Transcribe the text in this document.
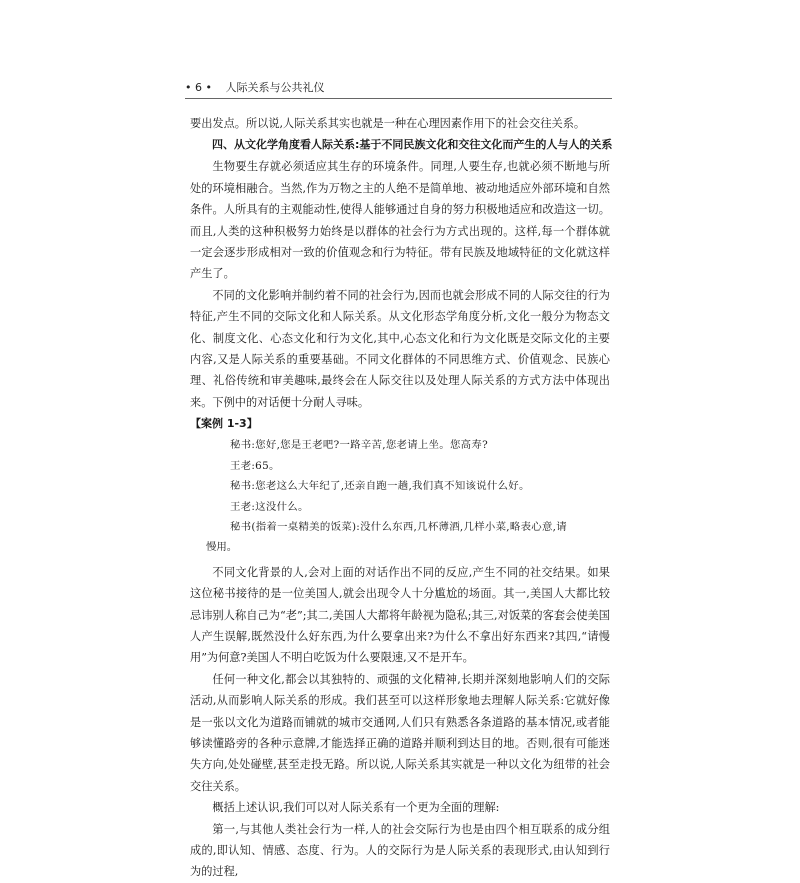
• 6 • 人际关系与公共礼仪

要出发点。所以说,人际关系其实也就是一种在心理因素作用下的社会交往关系。

四、从文化学角度看人际关系:基于不同民族文化和交往文化而产生的人与人的关系

生物要生存就必须适应其生存的环境条件。同理,人要生存,也就必须不断地与所处的环境相融合。当然,作为万物之主的人绝不是简单地、被动地适应外部环境和自然条件。人所具有的主观能动性,使得人能够通过自身的努力积极地适应和改造这一切。而且,人类的这种积极努力始终是以群体的社会行为方式出现的。这样,每一个群体就一定会逐步形成相对一致的价值观念和行为特征。带有民族及地域特征的文化就这样产生了。

不同的文化影响并制约着不同的社会行为,因而也就会形成不同的人际交往的行为特征,产生不同的交际文化和人际关系。从文化形态学角度分析,文化一般分为物态文化、制度文化、心态文化和行为文化,其中,心态文化和行为文化既是交际文化的主要内容,又是人际关系的重要基础。不同文化群体的不同思维方式、价值观念、民族心理、礼俗传统和审美趣味,最终会在人际交往以及处理人际关系的方式方法中体现出来。下例中的对话便十分耐人寻味。

【案例 1-3】

秘书:您好,您是王老吧?一路辛苦,您老请上坐。您高寿?
王老:65。
秘书:您老这么大年纪了,还亲自跑一趟,我们真不知该说什么好。
王老:这没什么。
秘书(指着一桌精美的饭菜):没什么东西,几杯薄酒,几样小菜,略表心意,请
慢用。

不同文化背景的人,会对上面的对话作出不同的反应,产生不同的社交结果。如果这位秘书接待的是一位美国人,就会出现令人十分尴尬的场面。其一,美国人大都比较忌讳别人称自己为“老”;其二,美国人大都将年龄视为隐私;其三,对饭菜的客套会使美国人产生误解,既然没什么好东西,为什么要拿出来?为什么不拿出好东西来?其四,“请慢用”为何意?美国人不明白吃饭为什么要限速,又不是开车。

任何一种文化,都会以其独特的、顽强的文化精神,长期并深刻地影响人们的交际活动,从而影响人际关系的形成。我们甚至可以这样形象地去理解人际关系:它就好像是一张以文化为道路而铺就的城市交通网,人们只有熟悉各条道路的基本情况,或者能够读懂路旁的各种示意牌,才能选择正确的道路并顺利到达目的地。否则,很有可能迷失方向,处处碰壁,甚至走投无路。所以说,人际关系其实就是一种以文化为纽带的社会交往关系。

概括上述认识,我们可以对人际关系有一个更为全面的理解:

第一,与其他人类社会行为一样,人的社会交际行为也是由四个相互联系的成分组成的,即认知、情感、态度、行为。人的交际行为是人际关系的表现形式,由认知到行为的过程,
